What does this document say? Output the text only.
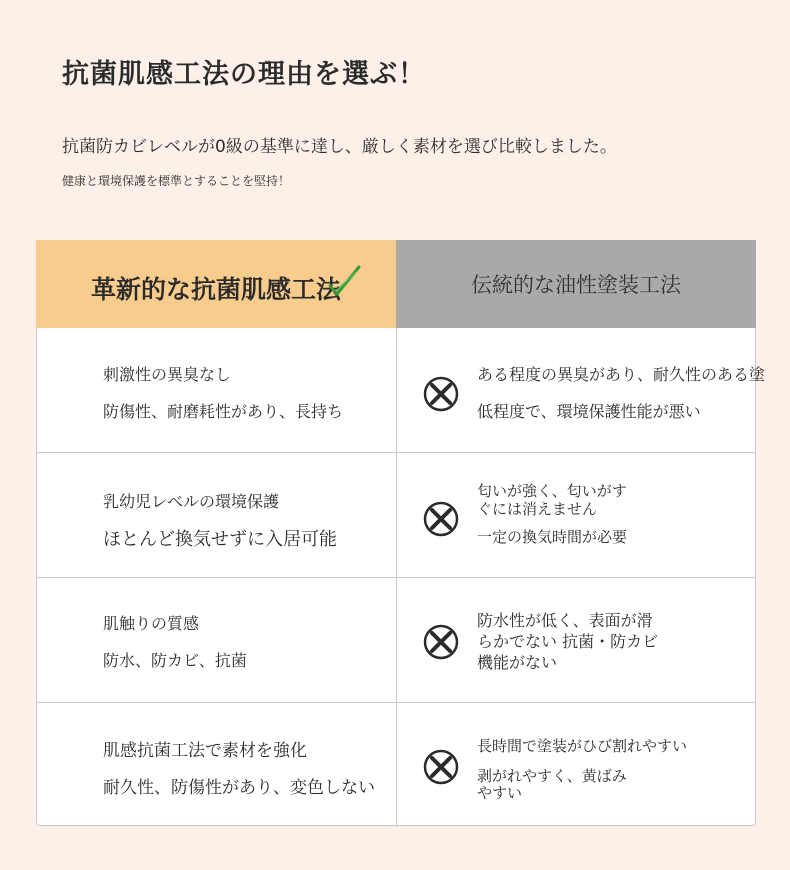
抗菌肌感工法の理由を選ぶ！
抗菌防カビレベルが0級の基準に達し、厳しく素材を選び比較しました。
健康と環境保護を標準とすることを堅持！
革新的な抗菌肌感工法	伝統的な油性塗装工法
刺激性の異臭なし
防傷性、耐磨耗性があり、長持ち
ある程度の異臭があり、耐久性のある塗
低程度で、環境保護性能が悪い
乳幼児レベルの環境保護
ほとんど換気せずに入居可能
匂いが強く、匂いがす
ぐには消えません
一定の換気時間が必要
肌触りの質感
防水、防カビ、抗菌
防水性が低く、表面が滑
らかでない 抗菌・防カビ
機能がない
肌感抗菌工法で素材を強化
耐久性、防傷性があり、変色しない
長時間で塗装がひび割れやすい
剥がれやすく、黄ばみ
やすい
